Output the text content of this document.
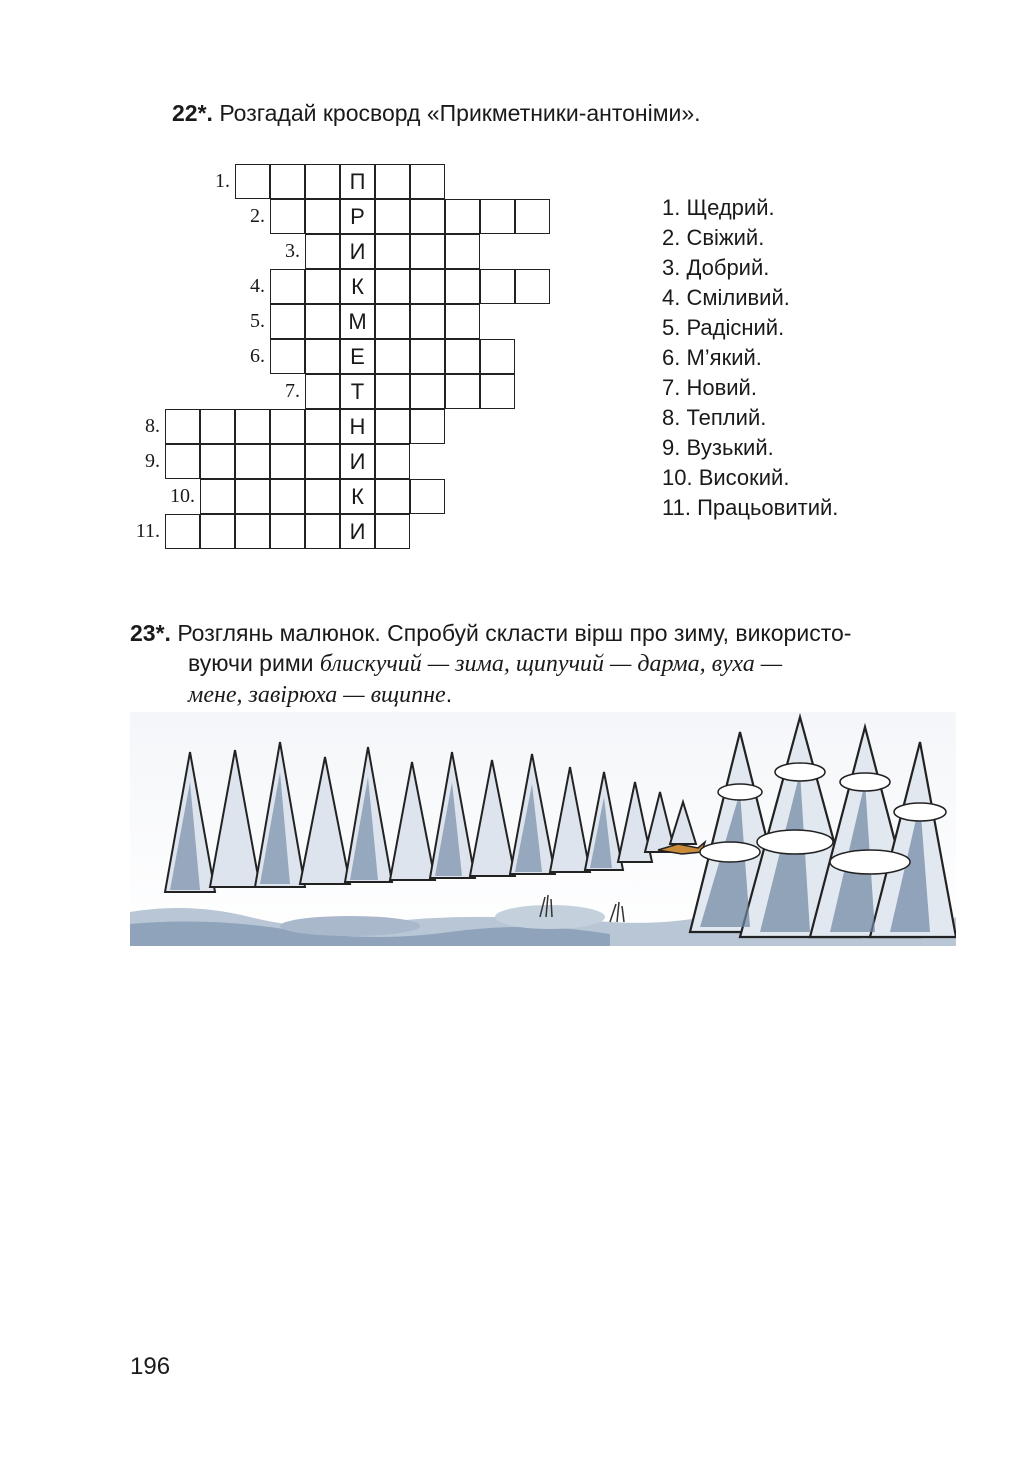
22*. Розгадай кросворд «Прикметники-антоніми».
П
1.
Р
2.
И
3.
К
4.
М
5.
Е
6.
Т
7.
Н
8.
И
9.
К
10.
И
11.
1. Щедрий.
2. Свіжий.
3. Добрий.
4. Сміливий.
5. Радісний.
6. М’який.
7. Новий.
8. Теплий.
9. Вузький.
10. Високий.
11. Працьовитий.
23*. Розглянь малюнок. Спробуй скласти вірш про зиму, використо-
вуючи рими блискучий — зима, щипучий — дарма, вуха —
мене, завірюха — вщипне.
196
